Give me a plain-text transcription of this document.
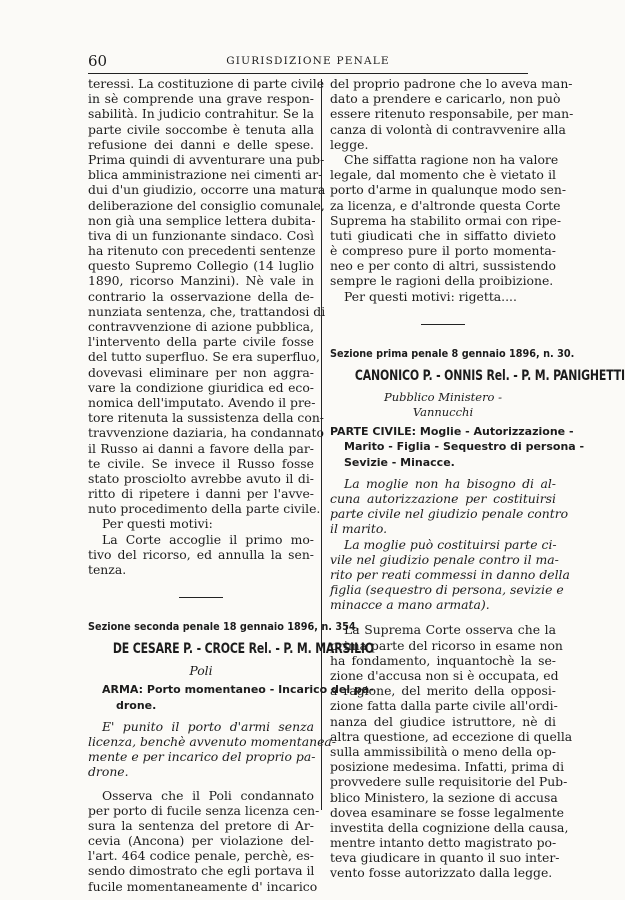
60	GIURISDIZIONE PENALE
teressi. La costituzione di parte civile
in sè comprende una grave respon-
sabilità. In judicio contrahitur. Se la
parte civile soccombe è tenuta alla
refusione dei danni e delle spese.
Prima quindi di avventurare una pub-
blica amministrazione nei cimenti ar-
dui d'un giudizio, occorre una matura
deliberazione del consiglio comunale,
non già una semplice lettera dubita-
tiva di un funzionante sindaco. Così
ha ritenuto con precedenti sentenze
questo Supremo Collegio (14 luglio
1890, ricorso Manzini). Nè vale in
contrario la osservazione della de-
nunziata sentenza, che, trattandosi di
contravvenzione di azione pubblica,
l'intervento della parte civile fosse
del tutto superfluo. Se era superfluo,
dovevasi eliminare per non aggra-
vare la condizione giuridica ed eco-
nomica dell'imputato. Avendo il pre-
tore ritenuta la sussistenza della con-
travvenzione daziaria, ha condannato
il Russo ai danni a favore della par-
te civile. Se invece il Russo fosse
stato prosciolto avrebbe avuto il di-
ritto di ripetere i danni per l'avve-
nuto procedimento della parte civile.
Per questi motivi:
La Corte accoglie il primo mo-
tivo del ricorso, ed annulla la sen-
tenza.
Sezione seconda penale 18 gennaio 1896, n. 354.
DE CESARE P. - CROCE Rel. - P. M. MARSILIO
Poli
ARMA: Porto momentaneo - Incarico del pa-
drone.
E' punito il porto d'armi senza
licenza, benchè avvenuto momentanea-
mente e per incarico del proprio pa-
drone.
Osserva che il Poli condannato
per porto di fucile senza licenza cen-
sura la sentenza del pretore di Ar-
cevia (Ancona) per violazione del-
l'art. 464 codice penale, perchè, es-
sendo dimostrato che egli portava il
fucile momentaneamente d' incarico
del proprio padrone che lo aveva man-
dato a prendere e caricarlo, non può
essere ritenuto responsabile, per man-
canza di volontà di contravvenire alla
legge.
Che siffatta ragione non ha valore
legale, dal momento che è vietato il
porto d'arme in qualunque modo sen-
za licenza, e d'altronde questa Corte
Suprema ha stabilito ormai con ripe-
tuti giudicati che in siffatto divieto
è compreso pure il porto momenta-
neo e per conto di altri, sussistendo
sempre le ragioni della proibizione.
Per questi motivi: rigetta....
Sezione prima penale 8 gennaio 1896, n. 30.
CANONICO P. - ONNIS Rel. - P. M. PANIGHETTI
Pubblico Ministero -
Vannucchi
PARTE CIVILE: Moglie - Autorizzazione -
Marito - Figlia - Sequestro di persona -
Sevizie - Minacce.
La moglie non ha bisogno di al-
cuna autorizzazione per costituirsi
parte civile nel giudizio penale contro
il marito.
La moglie può costituirsi parte ci-
vile nel giudizio penale contro il ma-
rito per reati commessi in danno della
figlia (sequestro di persona, sevizie e
minacce a mano armata).
La Suprema Corte osserva che la
prima parte del ricorso in esame non
ha fondamento, inquantochè la se-
zione d'accusa non si è occupata, ed
a ragione, del merito della opposi-
zione fatta dalla parte civile all'ordi-
nanza del giudice istruttore, nè di
altra questione, ad eccezione di quella
sulla ammissibilità o meno della op-
posizione medesima. Infatti, prima di
provvedere sulle requisitorie del Pub-
blico Ministero, la sezione di accusa
dovea esaminare se fosse legalmente
investita della cognizione della causa,
mentre intanto detto magistrato po-
teva giudicare in quanto il suo inter-
vento fosse autorizzato dalla legge.
